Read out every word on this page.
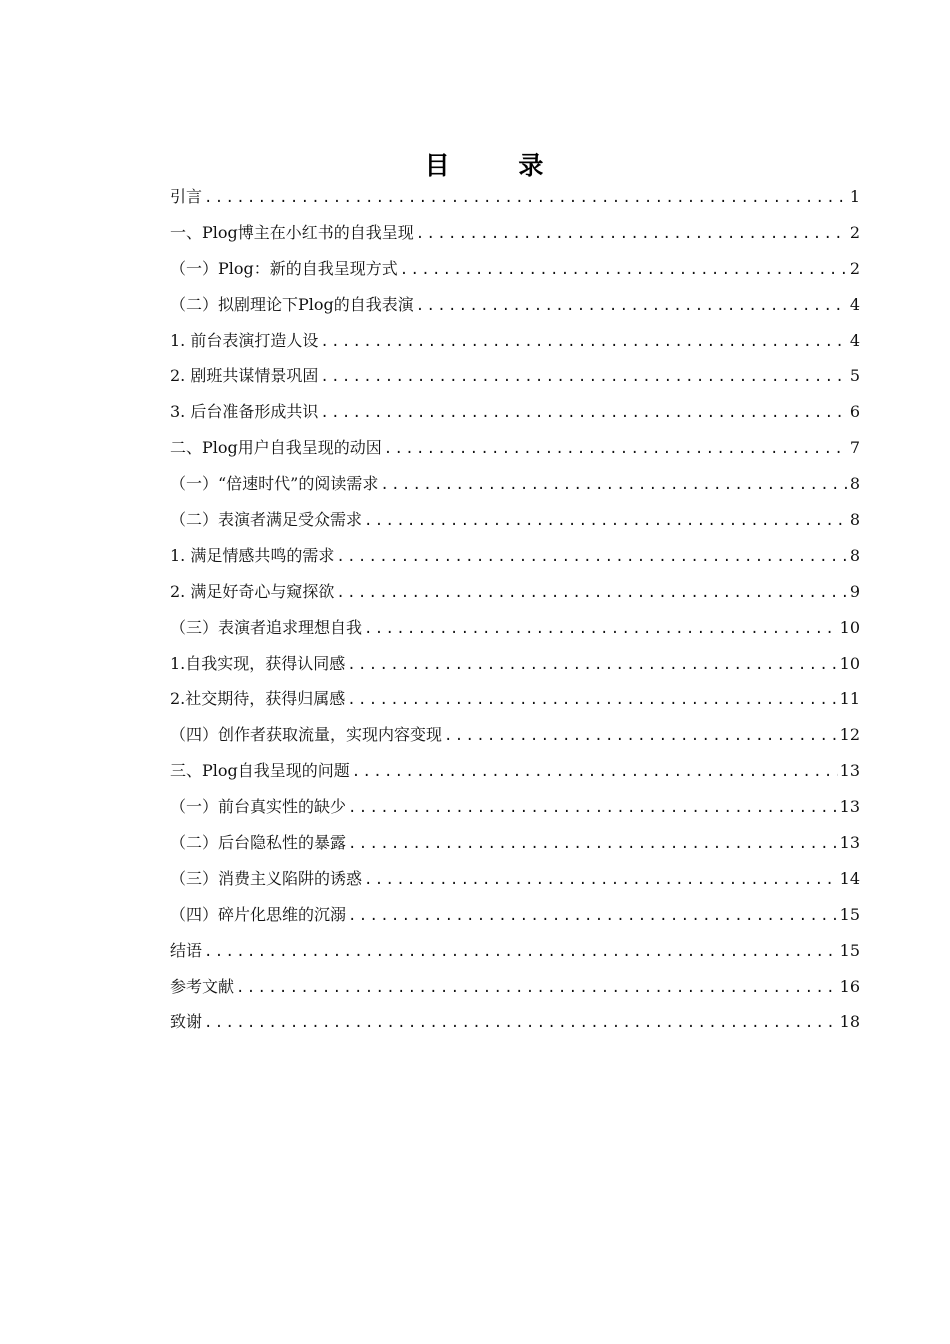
目 录
引言 .....	1
一、Plog博主在小红书的自我呈现 .....	2
（一）Plog：新的自我呈现方式 .....	2
（二）拟剧理论下Plog的自我表演 .....	4
1. 前台表演打造人设 .....	4
2. 剧班共谋情景巩固 .....	5
3. 后台准备形成共识 .....	6
二、Plog用户自我呈现的动因 .....	7
（一）“倍速时代”的阅读需求 .....	8
（二）表演者满足受众需求 .....	8
1. 满足情感共鸣的需求 .....	8
2. 满足好奇心与窥探欲 .....	9
（三）表演者追求理想自我 .....	10
1.自我实现，获得认同感 .....	10
2.社交期待，获得归属感 .....	11
（四）创作者获取流量，实现内容变现 .....	12
三、Plog自我呈现的问题 .....	13
（一）前台真实性的缺少 .....	13
（二）后台隐私性的暴露 .....	13
（三）消费主义陷阱的诱惑 .....	14
（四）碎片化思维的沉溺 .....	15
结语 .....	15
参考文献 .....	16
致谢 .....	18
